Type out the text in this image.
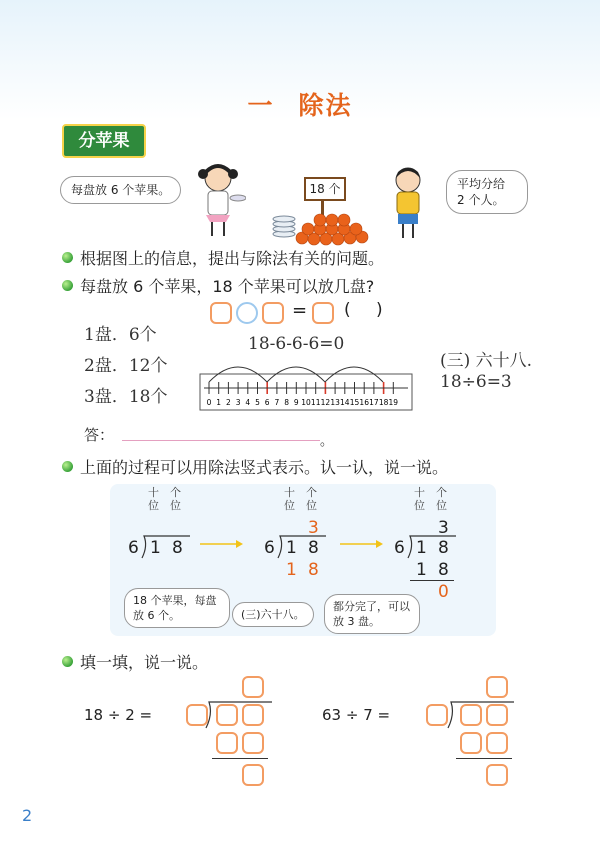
一 除法
分苹果
每盘放 6 个苹果。	18 个	平均分给
2 个人。
根据图上的信息，提出与除法有关的问题。
每盘放 6 个苹果，18 个苹果可以放几盘?
= ( )
1盘．6个
2盘．12个
3盘．18个
18-6-6-6=0
0 1 2 3 4 5 6 7 8 9 10 11 12 13 14 15 16 17 18 19
(三) 六十八.
18÷6=3
答：	。
上面的过程可以用除法竖式表示。认一认，说一说。
十
位
个
位
6 1 8
十
位
个
位
3
6 1 8
1 8
十
位
个
位
3
6 1 8
1 8
0
18 个苹果，每盘放 6 个。	(三)六十八。
都分完了，可以放 3 盘。
填一填，说一说。
18 ÷ 2 =	63 ÷ 7 =
2
